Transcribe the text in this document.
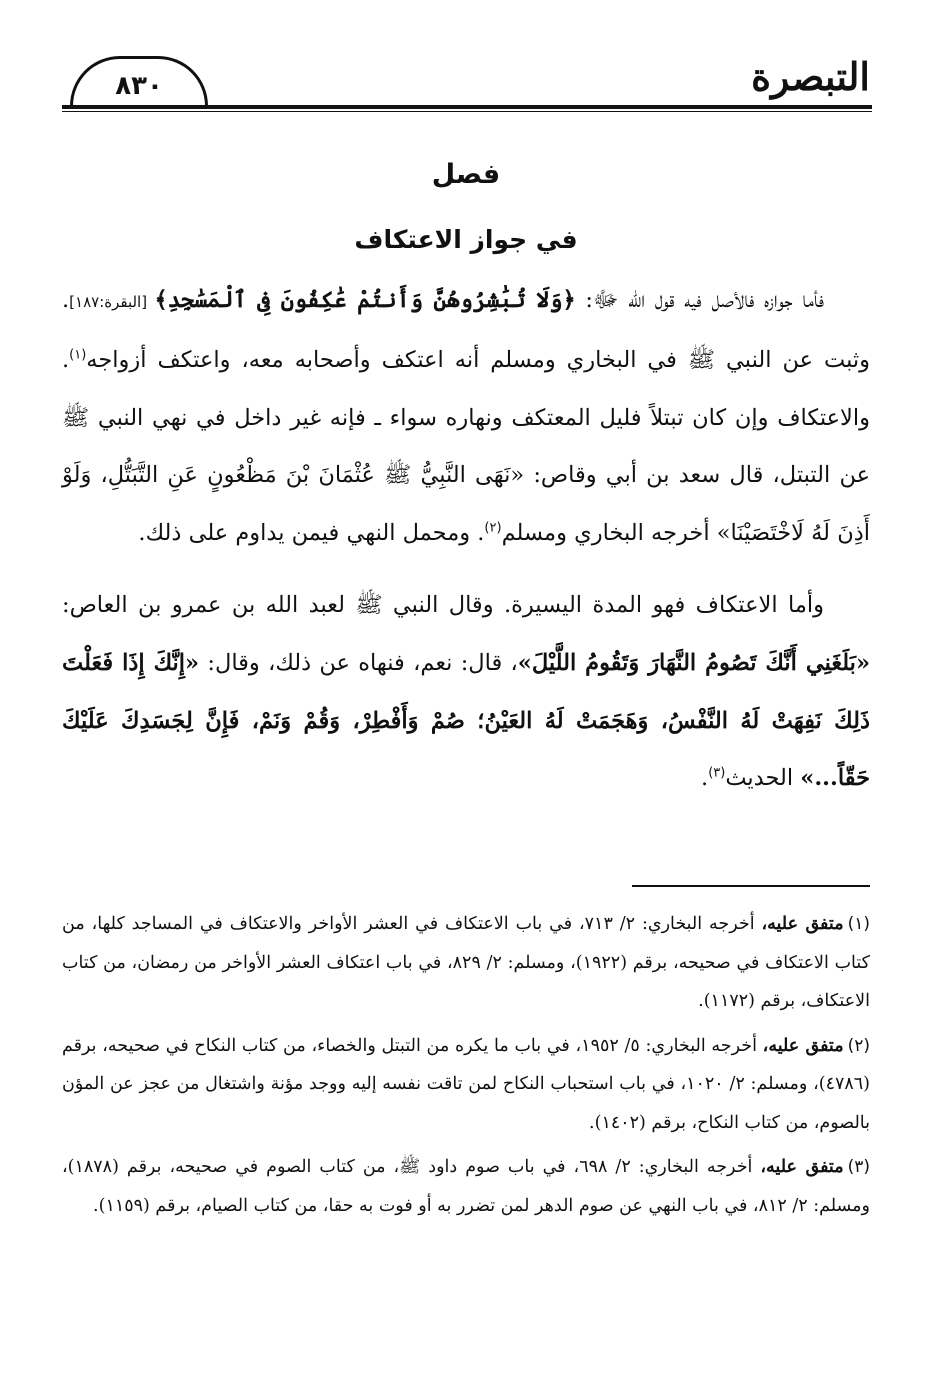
التبصرة
٨٣٠
فصل
في جواز الاعتكاف

فأما جوازه فالأصل فيه قول الله ﷻ: ﴿وَلَا تُبَٰشِرُوهُنَّ وَأَنتُمْ عَٰكِفُونَ فِى ٱلْمَسَٰجِدِ﴾ [البقرة:١٨٧]. وثبت عن النبي ﷺ في البخاري ومسلم أنه اعتكف وأصحابه معه، واعتكف أزواجه$^{(١)}$. والاعتكاف وإن كان تبتلاً فليل المعتكف ونهاره سواء ـ فإنه غير داخل في نهي النبي ﷺ عن التبتل، قال سعد بن أبي وقاص: «نَهَى النَّبِيُّ ﷺ عُثْمَانَ بْنَ مَظْعُونٍ عَنِ التَّبَتُّلِ، وَلَوْ أَذِنَ لَهُ لَاخْتَصَيْنَا» أخرجه البخاري ومسلم$^{(٢)}$. ومحمل النهي فيمن يداوم على ذلك.

وأما الاعتكاف فهو المدة اليسيرة. وقال النبي ﷺ لعبد الله بن عمرو بن العاص: «بَلَغَنِي أَنَّكَ تَصُومُ النَّهَارَ وَتَقُومُ اللَّيْلَ»، قال: نعم، فنهاه عن ذلك، وقال: «إِنَّكَ إِذَا فَعَلْتَ ذَلِكَ نَفِهَتْ لَهُ النَّفْسُ، وَهَجَمَتْ لَهُ العَيْنُ؛ صُمْ وَأَفْطِرْ، وَقُمْ وَنَمْ، فَإِنَّ لِجَسَدِكَ عَلَيْكَ حَقّاً...» الحديث$^{(٣)}$.

(١)متفق عليه، أخرجه البخاري: ٢/ ٧١٣، في باب الاعتكاف في العشر الأواخر والاعتكاف في المساجد كلها، من كتاب الاعتكاف في صحيحه، برقم (١٩٢٢)، ومسلم: ٢/ ٨٢٩، في باب اعتكاف العشر الأواخر من رمضان، من كتاب الاعتكاف، برقم (١١٧٢).

(٢)متفق عليه، أخرجه البخاري: ٥/ ١٩٥٢، في باب ما يكره من التبتل والخصاء، من كتاب النكاح في صحيحه، برقم (٤٧٨٦)، ومسلم: ٢/ ١٠٢٠، في باب استحباب النكاح لمن تاقت نفسه إليه ووجد مؤنة واشتغال من عجز عن المؤن بالصوم، من كتاب النكاح، برقم (١٤٠٢).

(٣)متفق عليه، أخرجه البخاري: ٢/ ٦٩٨، في باب صوم داود ﷺ، من كتاب الصوم في صحيحه، برقم (١٨٧٨)، ومسلم: ٢/ ٨١٢، في باب النهي عن صوم الدهر لمن تضرر به أو فوت به حقا، من كتاب الصيام، برقم (١١٥٩).
